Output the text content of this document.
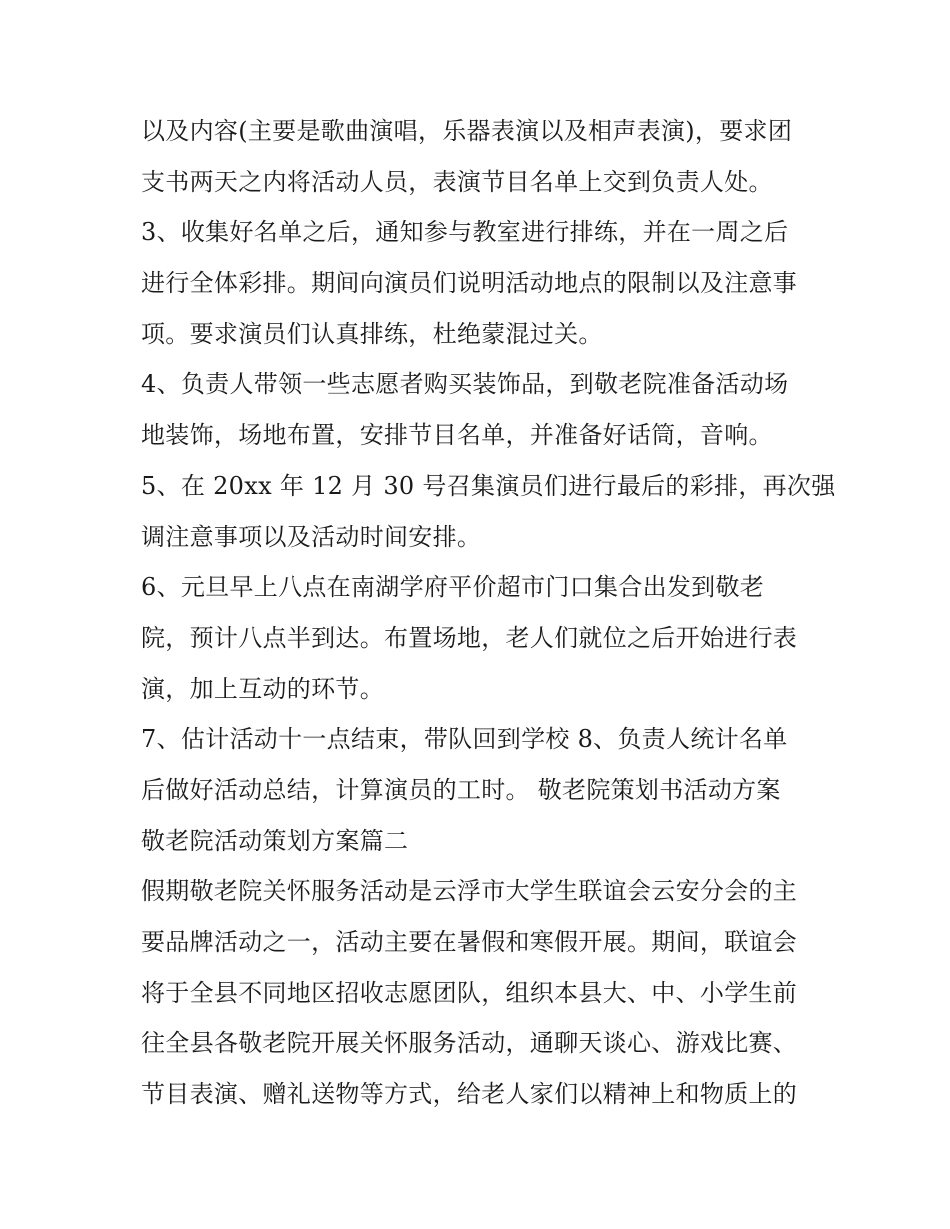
以及内容(主要是歌曲演唱，乐器表演以及相声表演)，要求团
支书两天之内将活动人员，表演节目名单上交到负责人处。
3、收集好名单之后，通知参与教室进行排练，并在一周之后
进行全体彩排。期间向演员们说明活动地点的限制以及注意事
项。要求演员们认真排练，杜绝蒙混过关。
4、负责人带领一些志愿者购买装饰品，到敬老院准备活动场
地装饰，场地布置，安排节目名单，并准备好话筒，音响。
5、在 20xx 年 12 月 30 号召集演员们进行最后的彩排，再次强
调注意事项以及活动时间安排。
6、元旦早上八点在南湖学府平价超市门口集合出发到敬老
院，预计八点半到达。布置场地，老人们就位之后开始进行表
演，加上互动的环节。
7、估计活动十一点结束，带队回到学校 8、负责人统计名单
后做好活动总结，计算演员的工时。 敬老院策划书活动方案
敬老院活动策划方案篇二
假期敬老院关怀服务活动是云浮市大学生联谊会云安分会的主
要品牌活动之一，活动主要在暑假和寒假开展。期间，联谊会
将于全县不同地区招收志愿团队，组织本县大、中、小学生前
往全县各敬老院开展关怀服务活动，通聊天谈心、游戏比赛、
节目表演、赠礼送物等方式，给老人家们以精神上和物质上的
